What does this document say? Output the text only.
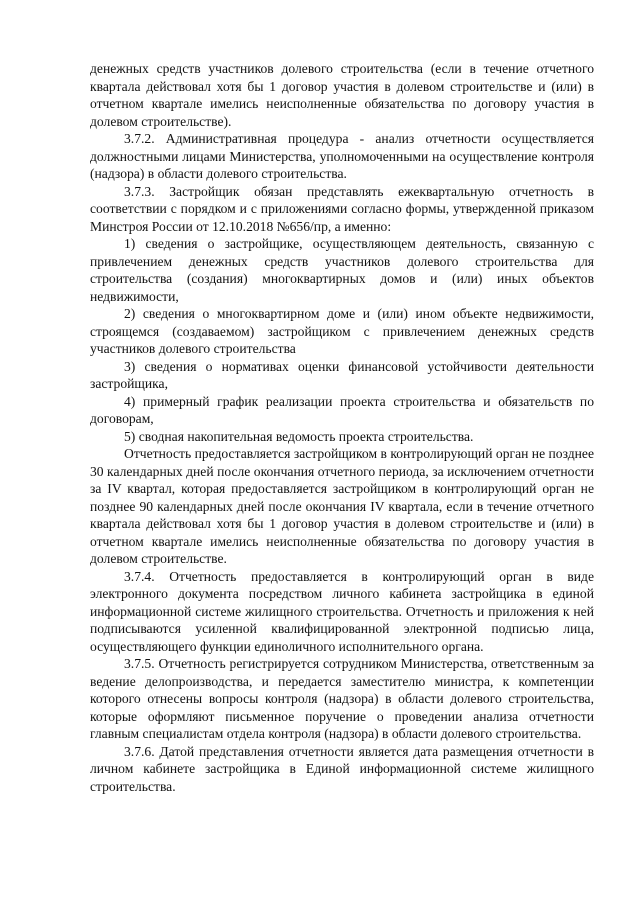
денежных средств участников долевого строительства (если в течение отчетного квартала действовал хотя бы 1 договор участия в долевом строительстве и (или) в отчетном квартале имелись неисполненные обязательства по договору участия в долевом строительстве).

3.7.2. Административная процедура - анализ отчетности осуществляется должностными лицами Министерства, уполномоченными на осуществление контроля (надзора) в области долевого строительства.

3.7.3. Застройщик обязан представлять ежеквартальную отчетность в соответствии с порядком и с приложениями согласно формы, утвержденной приказом Минстроя России от 12.10.2018 №656/пр, а именно:

1) сведения о застройщике, осуществляющем деятельность, связанную с привлечением денежных средств участников долевого строительства для строительства (создания) многоквартирных домов и (или) иных объектов недвижимости,

2) сведения о многоквартирном доме и (или) ином объекте недвижимости, строящемся (создаваемом) застройщиком с привлечением денежных средств участников долевого строительства

3) сведения о нормативах оценки финансовой устойчивости деятельности застройщика,

4) примерный график реализации проекта строительства и обязательств по договорам,

5) сводная накопительная ведомость проекта строительства.

Отчетность предоставляется застройщиком в контролирующий орган не позднее 30 календарных дней после окончания отчетного периода, за исключением отчетности за IV квартал, которая предоставляется застройщиком в контролирующий орган не позднее 90 календарных дней после окончания IV квартала, если в течение отчетного квартала действовал хотя бы 1 договор участия в долевом строительстве и (или) в отчетном квартале имелись неисполненные обязательства по договору участия в долевом строительстве.

3.7.4. Отчетность предоставляется в контролирующий орган в виде электронного документа посредством личного кабинета застройщика в единой информационной системе жилищного строительства. Отчетность и приложения к ней подписываются усиленной квалифицированной электронной подписью лица, осуществляющего функции единоличного исполнительного органа.

3.7.5. Отчетность регистрируется сотрудником Министерства, ответственным за ведение делопроизводства, и передается заместителю министра, к компетенции которого отнесены вопросы контроля (надзора) в области долевого строительства, которые оформляют письменное поручение о проведении анализа отчетности главным специалистам отдела контроля (надзора) в области долевого строительства.

3.7.6. Датой представления отчетности является дата размещения отчетности в личном кабинете застройщика в Единой информационной системе жилищного строительства.
